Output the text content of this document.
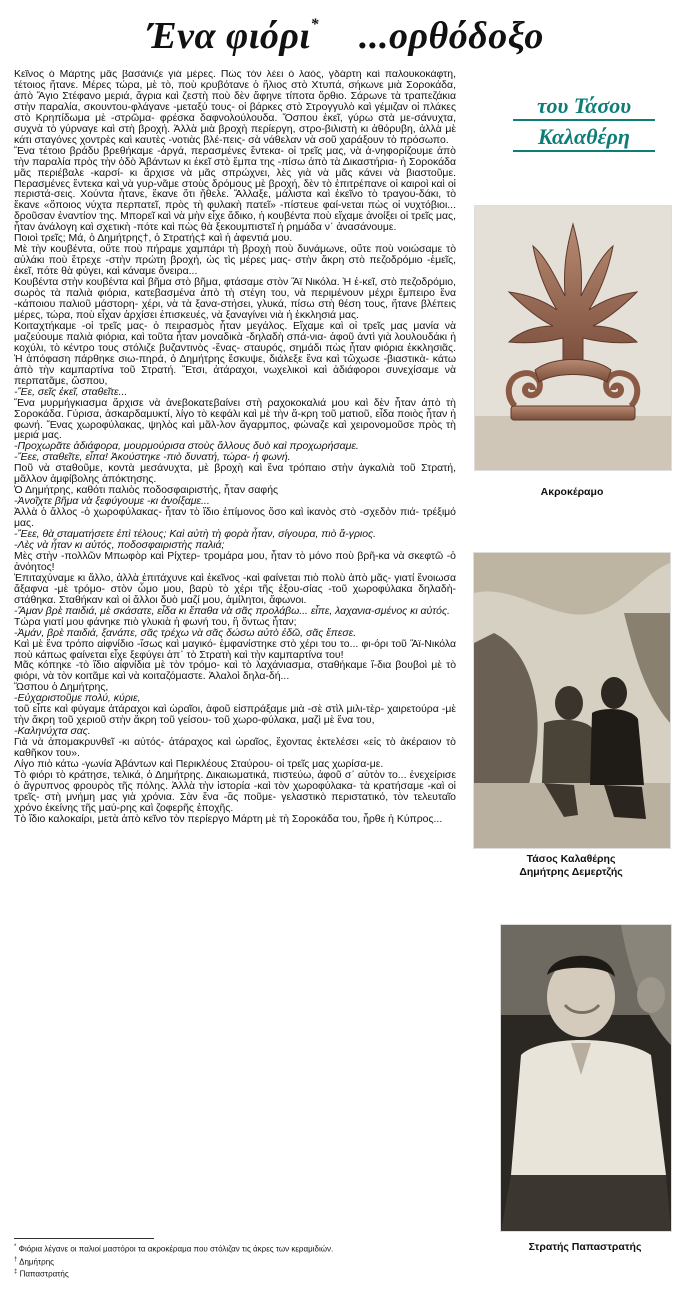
Ένα φιόρι* ...ορθόδοξο
του Τάσου
Καλαθέρη

Κεῖνος ὁ Μάρτης μᾶς βασάνιζε γιὰ μέρες. Πὼς τὸν λέει ὁ λαός, γδάρτη καὶ παλουκοκάφτη, τέτοιος ἤτανε. Μέρες τώρα, μὲ τὸ, ποὺ κρυβότανε ὁ ἥλιος στὸ Χτυπά, σήκωνε μιὰ Σοροκάδα, ἀπὸ Ἅγιο Στέφανο μεριά, ἄγρια καὶ ζεστὴ ποὺ δὲν ἄφηνε τίποτα ὄρθιο. Σάρωνε τὰ τραπεζάκια στὴν παραλία, σκουντου-φλάγανε -μεταξύ τους- οἱ βάρκες στὸ Στρογγυλὸ καὶ γέμιζαν οἱ πλάκες στὸ Κρηπίδωμα μὲ -στρῶμα- φρέσκα δαφνολούλουδα. Ὅσπου ἐκεῖ, γύρω στὰ με-σάνυχτα, συχνὰ τὸ γύρναγε καὶ στὴ βροχή. Ἀλλὰ μιὰ βροχὴ περίεργη, στρο-βιλιστὴ κι ἀθόρυβη, ἀλλὰ μὲ κάτι σταγόνες χοντρὲς καὶ καυτὲς -νοτιὰς βλέ-πεις- σὰ νάθελαν νὰ σοῦ χαράξουν τὸ πρόσωπο.

Ἕνα τέτοιο βράδυ βρεθήκαμε -ἀργά, περασμένες ἕντεκα- οἱ τρεῖς μας, νὰ ἀ-νηφορίζουμε ἀπὸ τὴν παραλία πρὸς τὴν ὁδὸ Ἀβάντων κι ἐκεῖ στὸ ἔμπα της -πίσω ἀπὸ τὰ Δικαστήρια- ἡ Σοροκάδα μᾶς περιέβαλε -καρσί- κι ἄρχισε νὰ μᾶς σπρώχνει, λὲς γιὰ νὰ μᾶς κάνει νὰ βιαστοῦμε. Περασμένες ἕντεκα καὶ νὰ γυρ-νᾶμε στοὺς δρόμους μὲ βροχή, δὲν τὸ ἐπιτρέπανε οἱ καιροὶ καὶ οἱ περιστά-σεις. Χούντα ἦτανε, ἔκανε ὅτι ἤθελε. Ἄλλαξε, μάλιστα καὶ ἐκεῖνο τὸ τραγου-δάκι, τὸ ἔκανε «ὅποιος νύχτα περπατεῖ, πρὸς τὴ φυλακὴ πατεῖ» -πίστευε φαί-νεται πὼς οἱ νυχτόβιοι... δροῦσαν ἐναντίον της. Μπορεῖ καὶ νὰ μὴν εἶχε ἄδικο, ἡ κουβέντα ποὺ εἴχαμε ἀνοίξει οἱ τρεῖς μας, ἦταν ἀνάλογη καὶ σχετικὴ -πότε καὶ πὼς θὰ ξεκουμπιστεῖ ἡ ρημάδα ν᾿ ἀνασάνουμε.

Ποιοὶ τρεῖς; Μά, ὁ Δημήτρης†, ὁ Στρατής‡ καὶ ἡ ἀφεντιά μου.

Μὲ τὴν κουβέντα, οὔτε ποὺ πήραμε χαμπάρι τὴ βροχὴ ποὺ δυνάμωνε, οὔτε ποὺ νοιώσαμε τὸ αὐλάκι ποὺ ἔτρεχε -στὴν πρώτη βροχή, ὡς τὶς μέρες μας- στὴν ἄκρη στὸ πεζοδρόμιο -ἐμεῖς, ἐκεῖ, πότε θὰ φύγει, καὶ κάναμε ὄνειρα...

Κουβέντα στὴν κουβέντα καὶ βῆμα στὸ βῆμα, φτάσαμε στὸν Ἅϊ Νικόλα. Ἡ ἐ-κεῖ, στὸ πεζοδρόμιο, σωρὸς τὰ παλιὰ φιόρια, κατεβασμένα ἀπὸ τὴ στέγη του, νὰ περιμένουν μέχρι ἔμπειρο ἕνα -κάποιου παλιοῦ μάστορη- χέρι, νὰ τὰ ξανα-στήσει, γλυκά, πίσω στὴ θέση τους, ἤτανε βλέπεις μέρες, τώρα, ποὺ εἶχαν ἀρχίσει ἐπισκευές, νὰ ξαναγίνει νιὰ ἡ ἐκκλησιά μας.

Κοιταχτήκαμε -οἱ τρεῖς μας- ὁ πειρασμὸς ἦταν μεγάλος. Εἴχαμε καὶ οἱ τρεῖς μας μανία νὰ μαζεύουμε παλιὰ φιόρια, καὶ τοῦτα ἦταν μοναδικὰ -δηλαδὴ σπά-νια- ἀφοῦ ἀντὶ γιὰ λουλουδάκι ἡ κοχύλι, τὸ κέντρο τους στόλιζε βυζαντινὸς -ἕνας- σταυρός, σημάδι πὼς ἦταν φιόρια ἐκκλησιᾶς. Ἡ ἀπόφαση πάρθηκε σιω-πηρά, ὁ Δημήτρης ἔσκυψε, διάλεξε ἕνα καὶ τὤχωσε -βιαστικὰ- κάτω ἀπὸ τὴν καμπαρτίνα τοῦ Στρατή. Ἔτσι, ἀτάραχοι, νωχελικοὶ καὶ ἀδιάφοροι συνεχίσαμε νὰ περπατᾶμε, ὥσπου,

-Ἔε, σεῖς ἐκεῖ, σταθεῖτε...

Ἕνα μυρμήγκιασμα ἄρχισε νὰ ἀνεβοκατεβαίνει στὴ ραχοκοκαλιά μου καὶ δὲν ἦταν ἀπὸ τὴ Σοροκάδα. Γύρισα, ἀσκαρδαμυκτί, λίγο τὸ κεφάλι καὶ μὲ τὴν ἄ-κρη τοῦ ματιοῦ, εἶδα ποιὸς ἦταν ἡ φωνή. Ἕνας χωροφύλακας, ψηλὸς καὶ μᾶλ-λον ἄγαρμπος, φώναζε καὶ χειρονομοῦσε πρὸς τὴ μεριά μας.

-Προχωρᾶτε ἀδιάφορα, μουρμούρισα στοὺς ἄλλους δυὸ καὶ προχωρήσαμε.

-Ἔεε, σταθεῖτε, εἶπα! Ἀκούστηκε -πιὸ δυνατή, τώρα- ἡ φωνή.

Ποῦ νὰ σταθοῦμε, κοντὰ μεσάνυχτα, μὲ βροχὴ καὶ ἕνα τρόπαιο στὴν ἀγκαλιὰ τοῦ Στρατή, μᾶλλον ἀμφίβολης ἀπόκτησης.

Ὁ Δημήτρης, καθότι παλιὸς ποδοσφαιριστής, ἦταν σαφής

-Ἀνοῖχτε βῆμα νὰ ξεφύγουμε -κι ἀνοίξαμε...

Ἀλλὰ ὁ ἄλλος -ὁ χωροφύλακας- ἦταν τὸ ἴδιο ἐπίμονος ὅσο καὶ ἱκανὸς στὸ -σχεδὸν πιά- τρέξιμό μας.

-Ἔεε, θὰ σταματήσετε ἐπὶ τέλους; Καὶ αὐτὴ τὴ φορὰ ἦταν, σίγουρα, πιὸ ἄ-γριος.

-Λὲς νὰ ἦταν κι αὐτός, ποδοσφαιριστὴς παλιά;

Μὲς στὴν -πολλῶν Μπωφὸρ καὶ Ρίχτερ- τρομάρα μου, ἦταν τὸ μόνο ποὺ βρῆ-κα νὰ σκεφτῶ -ὁ ἀνόητος!

Ἐπιταχύναμε κι ἄλλο, ἀλλὰ ἐπιτάχυνε καὶ ἐκεῖνος -καὶ φαίνεται πιὸ πολὺ ἀπὸ μᾶς- γιατί ἔνοιωσα ἄξαφνα -μὲ τρόμο- στὸν ὦμο μου, βαρὺ τὸ χέρι τῆς ἐξου-σίας -τοῦ χωροφύλακα δηλαδὴ- στάθηκα. Σταθήκαν καὶ οἱ ἄλλοι δυὸ μαζί μου, ἀμίλητοι, ἄφωνοι.

-Ἄμαν βρὲ παιδιά, μὲ σκάσατε, εἶδα κι ἔπαθα νὰ σᾶς προλάβω... εἶπε, λαχανια-σμένος κι αὐτός.

Τώρα γιατί μου φάνηκε πιὸ γλυκιὰ ἡ φωνή του, ἢ ὄντως ἦταν;

-Ἀμάν, βρὲ παιδιά, ξανάπε, σᾶς τρέχω νὰ σᾶς δώσω αὐτὸ ἐδῶ, σᾶς ἔπεσε.

Καὶ μὲ ἕνα τρόπο αἰφνίδιο -ἴσως καὶ μαγικό- ἐμφανίστηκε στὸ χέρι του το... φι-όρι τοῦ Ἅϊ-Νικόλα ποὺ κάπως φαίνεται εἶχε ξεφύγει ἀπ᾿ τὸ Στρατὴ καὶ τὴν καμπαρτίνα του!

Μᾶς κόπηκε -τὸ ἴδιο αἰφνίδια μὲ τὸν τρόμο- καὶ τὸ λαχάνιασμα, σταθήκαμε ἴ-δια βουβοὶ μὲ τὸ φιόρι, νὰ τὸν κοιτᾶμε καὶ νὰ κοιταζόμαστε. Ἀλαλοὶ δηλα-δή...

Ὥσπου ὁ Δημήτρης,

-Εὐχαριστοῦμε πολύ, κύριε,

τοῦ εἶπε καὶ φύγαμε ἀτάραχοι καὶ ὡραῖοι, ἀφοῦ εἰσπράξαμε μιὰ -σὲ στὶλ μιλι-τὲρ- χαιρετούρα -μὲ τὴν ἄκρη τοῦ χεριοῦ στὴν ἄκρη τοῦ γείσου- τοῦ χωρο-φύλακα, μαζὶ μὲ ἕνα του,

-Καληνύχτα σας.

Γιὰ νὰ ἀπομακρυνθεῖ -κι αὐτός- ἀτάραχος καὶ ὡραῖος, ἔχοντας ἐκτελέσει «εἰς τὸ ἀκέραιον τὸ καθῆκον του».

Λίγο πιὸ κάτω -γωνία Ἀβάντων καὶ Περικλέους Σταύρου- οἱ τρεῖς μας χωρίσα-με.

Τὸ φιόρι τὸ κράτησε, τελικά, ὁ Δημήτρης. Δικαιωματικά, πιστεύω, ἀφοῦ σ᾿ αὐτὸν το... ἐνεχείρισε ὁ ἄγρυπνος φρουρὸς τῆς πόλης. Ἀλλὰ τὴν ἱστορία -καὶ τὸν χωροφύλακα- τὰ κρατήσαμε -καὶ οἱ τρεῖς- στὴ μνήμη μας γιὰ χρόνια. Σὰν ἕνα -ἂς ποῦμε- γελαστικὸ περιστατικό, τὸν τελευταῖο χρόνο ἐκείνης τῆς μαύ-ρης καὶ ζοφερῆς ἐποχῆς.

Τὸ ἴδιο καλοκαίρι, μετὰ ἀπὸ κεῖνο τὸν περίεργο Μάρτη μὲ τὴ Σοροκάδα του, ἦρθε ἡ Κύπρος...

Ακροκέραμο
Τάσος Καλαθέρης
Δημήτρης Δεμερτζής
Στρατής Παπαστρατής
* Φιόρια λέγανε οι παλιοί μαστόροι τα ακροκέραμα που στόλιζαν τις άκρες των κεραμιδιών.
† Δημήτρης
‡ Παπαστρατής
